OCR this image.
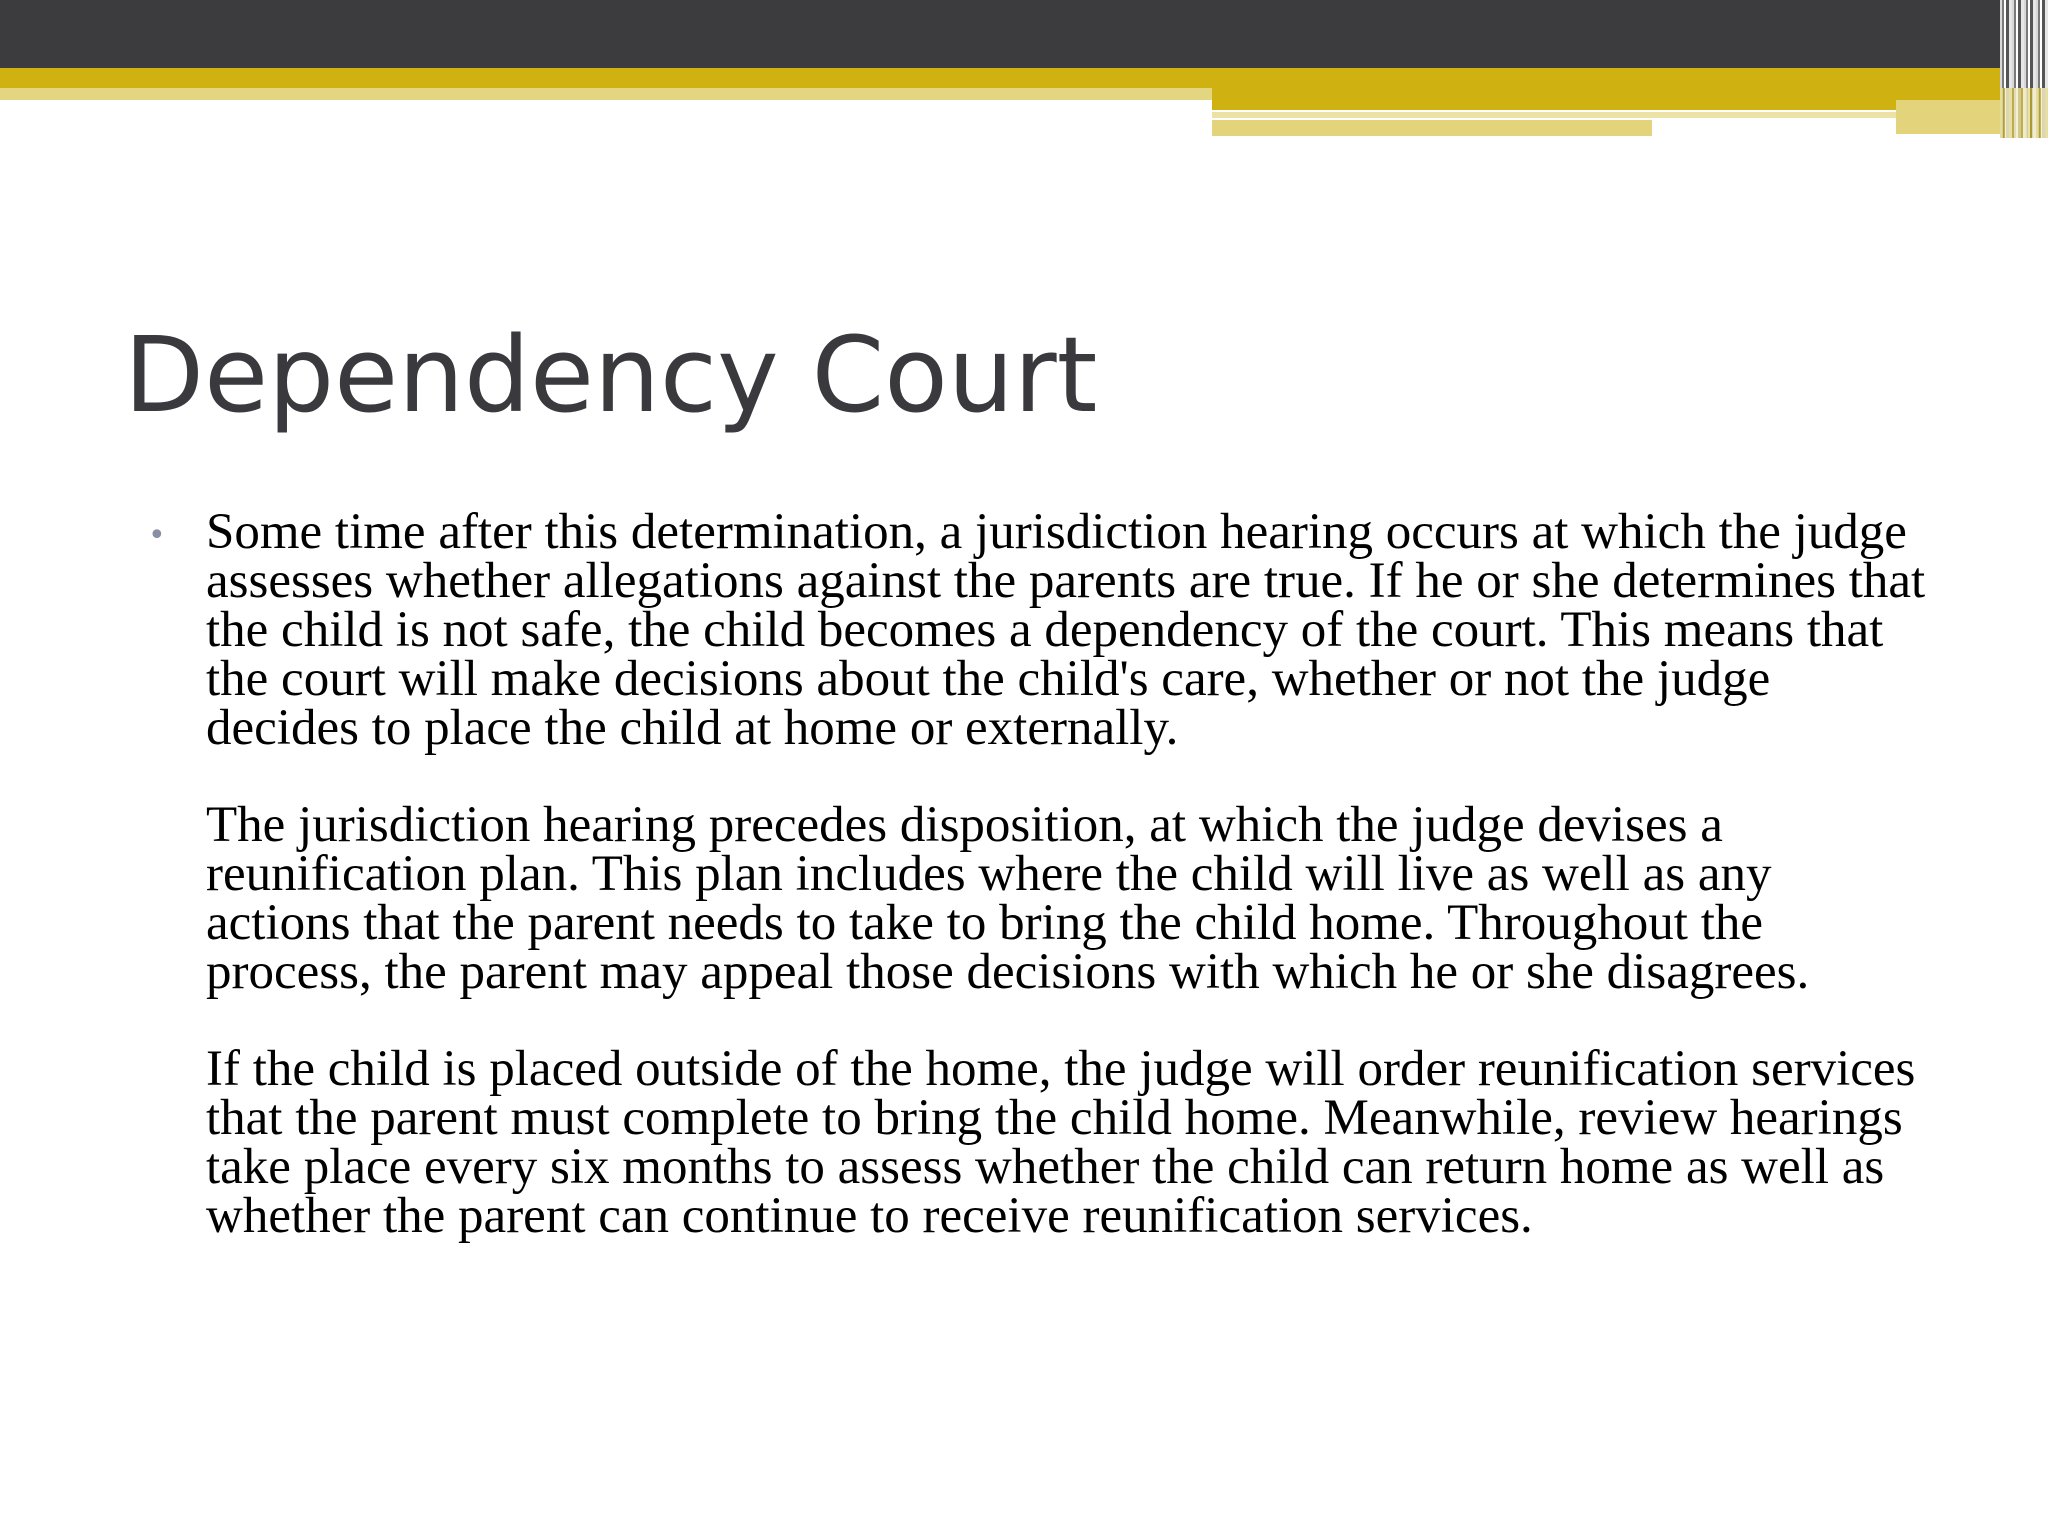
Dependency Court
• Some time after this determination, a jurisdiction hearing occurs at which the judge assesses whether allegations against the parents are true. If he or she determines that the child is not safe, the child becomes a dependency of the court. This means that the court will make decisions about the child's care, whether or not the judge decides to place the child at home or externally.

The jurisdiction hearing precedes disposition, at which the judge devises a reunification plan. This plan includes where the child will live as well as any actions that the parent needs to take to bring the child home. Throughout the process, the parent may appeal those decisions with which he or she disagrees.

If the child is placed outside of the home, the judge will order reunification services that the parent must complete to bring the child home. Meanwhile, review hearings take place every six months to assess whether the child can return home as well as whether the parent can continue to receive reunification services.
